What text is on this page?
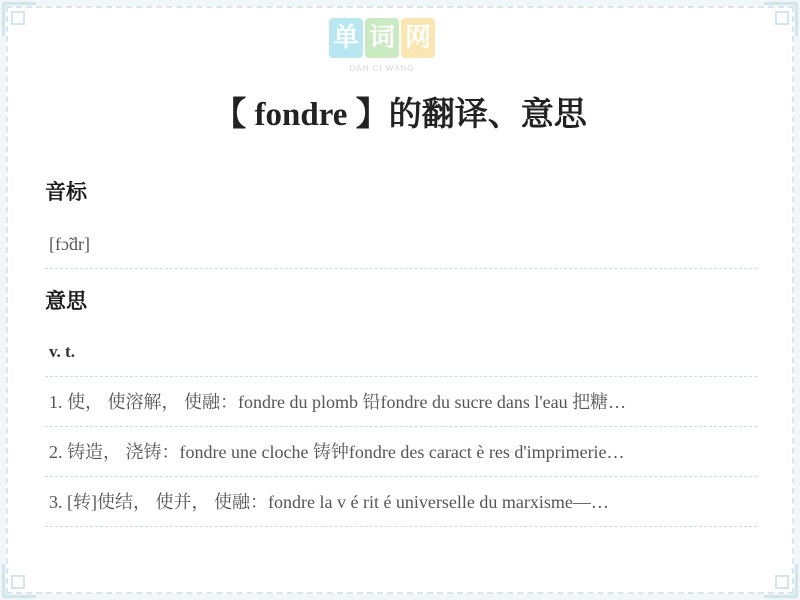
单 词 网
DAN CI WANG
【 fondre 】的翻译、意思
音标
[fɔ̃dr]
意思
v. t.
1. 使， 使溶解， 使融：fondre du plomb 铅fondre du sucre dans l'eau 把糖…
2. 铸造， 浇铸：fondre une cloche 铸钟fondre des caract è res d'imprimerie…
3. [转]使结， 使并， 使融：fondre la v é rit é universelle du marxisme—…
